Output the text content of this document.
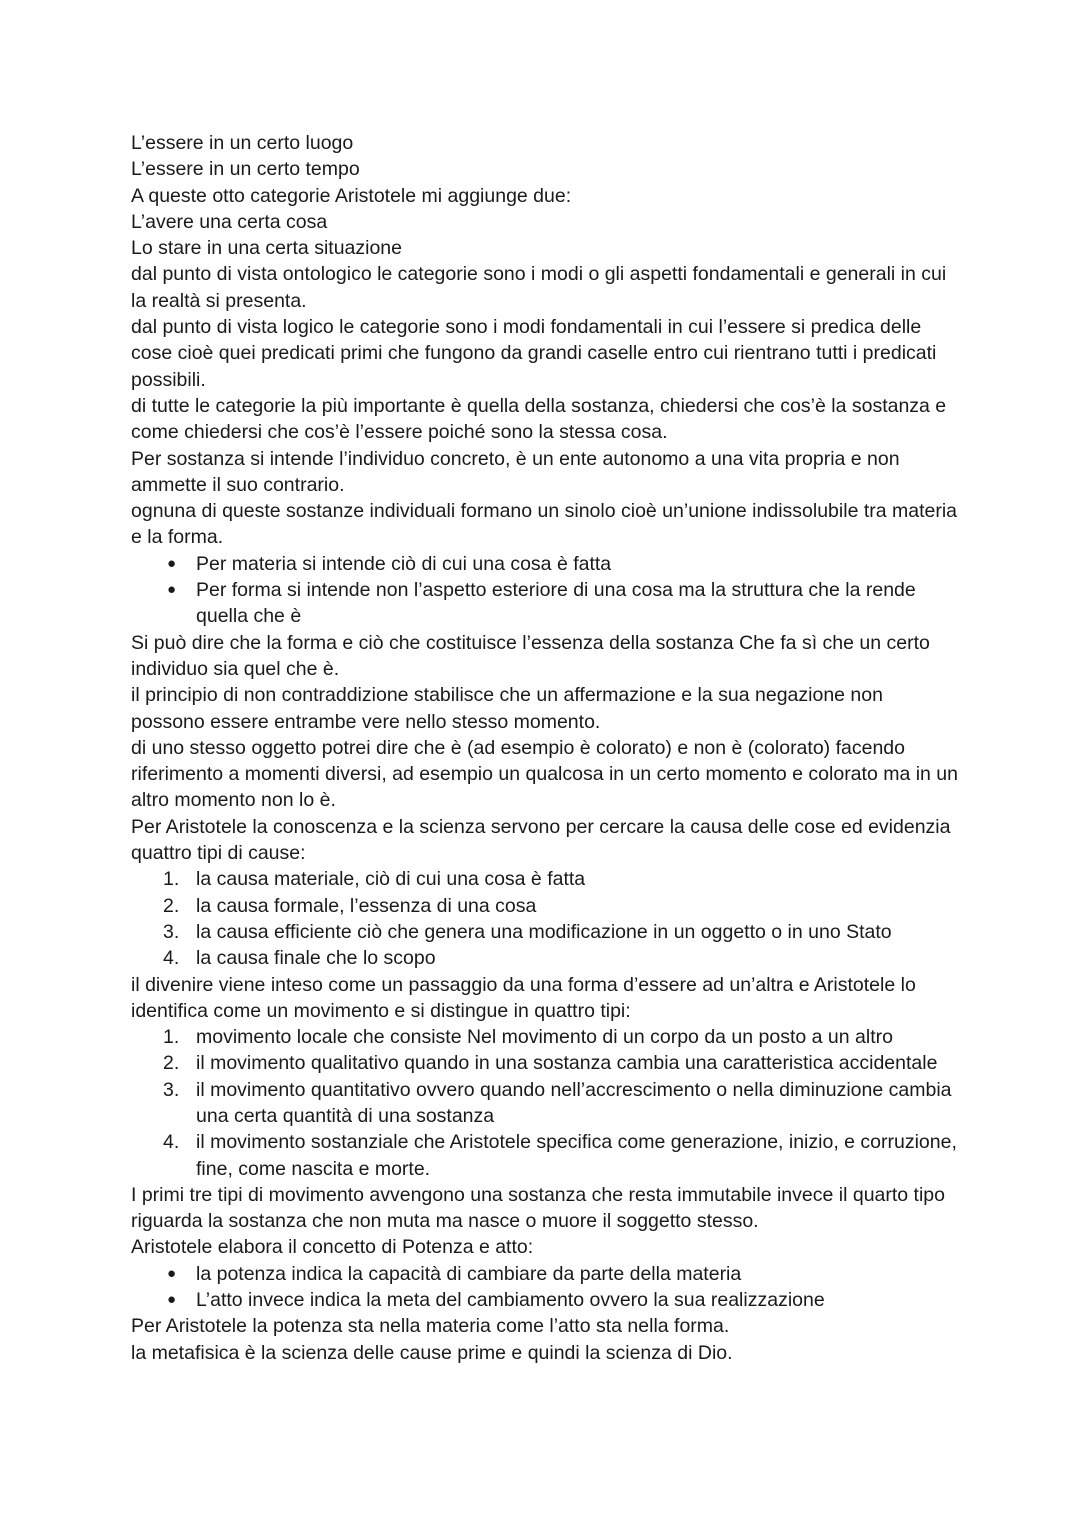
L’essere in un certo luogo

L’essere in un certo tempo

A queste otto categorie Aristotele mi aggiunge due:

L’avere una certa cosa

Lo stare in una certa situazione

dal punto di vista ontologico le categorie sono i modi o gli aspetti fondamentali e generali in cui la realtà si presenta.

dal punto di vista logico le categorie sono i modi fondamentali in cui l’essere si predica delle cose cioè quei predicati primi che fungono da grandi caselle entro cui rientrano tutti i predicati possibili.

di tutte le categorie la più importante è quella della sostanza, chiedersi che cos’è la sostanza e come chiedersi che cos’è l’essere poiché sono la stessa cosa.

Per sostanza si intende l’individuo concreto, è un ente autonomo a una vita propria e non ammette il suo contrario.

ognuna di queste sostanze individuali formano un sinolo cioè un’unione indissolubile tra materia e la forma.

● Per materia si intende ciò di cui una cosa è fatta
● Per forma si intende non l’aspetto esteriore di una cosa ma la struttura che la rende quella che è

Si può dire che la forma e ciò che costituisce l’essenza della sostanza Che fa sì che un certo individuo sia quel che è.

il principio di non contraddizione stabilisce che un affermazione e la sua negazione non possono essere entrambe vere nello stesso momento.

di uno stesso oggetto potrei dire che è (ad esempio è colorato) e non è (colorato) facendo riferimento a momenti diversi, ad esempio un qualcosa in un certo momento e colorato ma in un altro momento non lo è.

Per Aristotele la conoscenza e la scienza servono per cercare la causa delle cose ed evidenzia quattro tipi di cause:

1. la causa materiale, ciò di cui una cosa è fatta
2. la causa formale, l’essenza di una cosa
3. la causa efficiente ciò che genera una modificazione in un oggetto o in uno Stato
4. la causa finale che lo scopo

il divenire viene inteso come un passaggio da una forma d’essere ad un’altra e Aristotele lo identifica come un movimento e si distingue in quattro tipi:

1. movimento locale che consiste Nel movimento di un corpo da un posto a un altro
2. il movimento qualitativo quando in una sostanza cambia una caratteristica accidentale
3. il movimento quantitativo ovvero quando nell’accrescimento o nella diminuzione cambia una certa quantità di una sostanza
4. il movimento sostanziale che Aristotele specifica come generazione, inizio, e corruzione, fine, come nascita e morte.

I primi tre tipi di movimento avvengono una sostanza che resta immutabile invece il quarto tipo riguarda la sostanza che non muta ma nasce o muore il soggetto stesso.

Aristotele elabora il concetto di Potenza e atto:

● la potenza indica la capacità di cambiare da parte della materia
● L’atto invece indica la meta del cambiamento ovvero la sua realizzazione

Per Aristotele la potenza sta nella materia come l’atto sta nella forma.

la metafisica è la scienza delle cause prime e quindi la scienza di Dio.
